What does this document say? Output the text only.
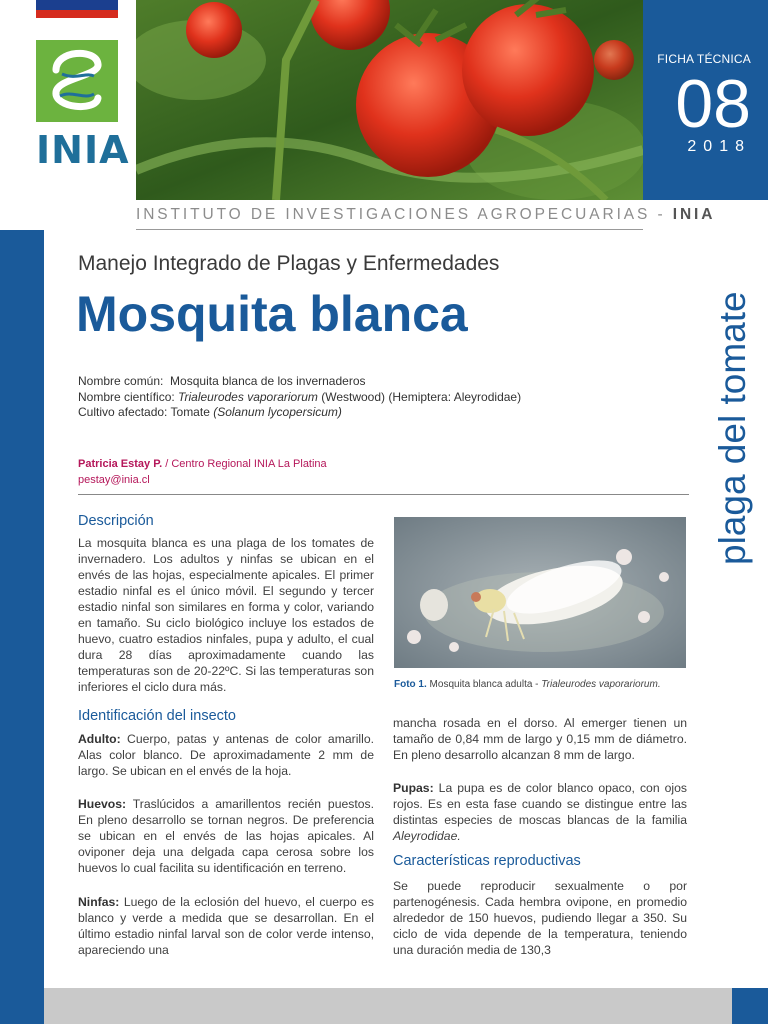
INIA
FICHA TÉCNICA
08
2018
INSTITUTO DE INVESTIGACIONES AGROPECUARIAS - INIA
plaga del tomate
Manejo Integrado de Plagas y Enfermedades
Mosquita blanca
Nombre común: Mosquita blanca de los invernaderos
Nombre científico: Trialeurodes vaporariorum (Westwood) (Hemiptera: Aleyrodidae)
Cultivo afectado: Tomate (Solanum lycopersicum)
Patricia Estay P. / Centro Regional INIA La Platina
pestay@inia.cl
Descripción
La mosquita blanca es una plaga de los tomates de invernadero. Los adultos y ninfas se ubican en el envés de las hojas, especialmente apicales. El primer estadio ninfal es el único móvil. El segundo y tercer estadio ninfal son similares en forma y color, variando en tamaño. Su ciclo biológico incluye los estados de huevo, cuatro estadios ninfales, pupa y adulto, el cual dura 28 días aproximadamente cuando las temperaturas son de 20-22ºC. Si las temperaturas son inferiores el ciclo dura más.	Foto 1. Mosquita blanca adulta - Trialeurodes vaporariorum.
Identificación del insecto
Adulto: Cuerpo, patas y antenas de color amarillo. Alas color blanco. De aproximadamente 2 mm de largo. Se ubican en el envés de la hoja.
Huevos: Traslúcidos a amarillentos recién puestos. En pleno desarrollo se tornan negros. De preferencia se ubican en el envés de las hojas apicales. Al oviponer deja una delgada capa cerosa sobre los huevos lo cual facilita su identificación en terreno.
Ninfas: Luego de la eclosión del huevo, el cuerpo es blanco y verde a medida que se desarrollan. En el último estadio ninfal larval son de color verde intenso, apareciendo una
mancha rosada en el dorso. Al emerger tienen un tamaño de 0,84 mm de largo y 0,15 mm de diámetro. En pleno desarrollo alcanzan 8 mm de largo.
Pupas: La pupa es de color blanco opaco, con ojos rojos. Es en esta fase cuando se distingue entre las distintas especies de moscas blancas de la familia Aleyrodidae.
Características reproductivas
Se puede reproducir sexualmente o por partenogénesis. Cada hembra ovipone, en promedio alrededor de 150 huevos, pudiendo llegar a 350. Su ciclo de vida depende de la temperatura, teniendo una duración media de 130,3
